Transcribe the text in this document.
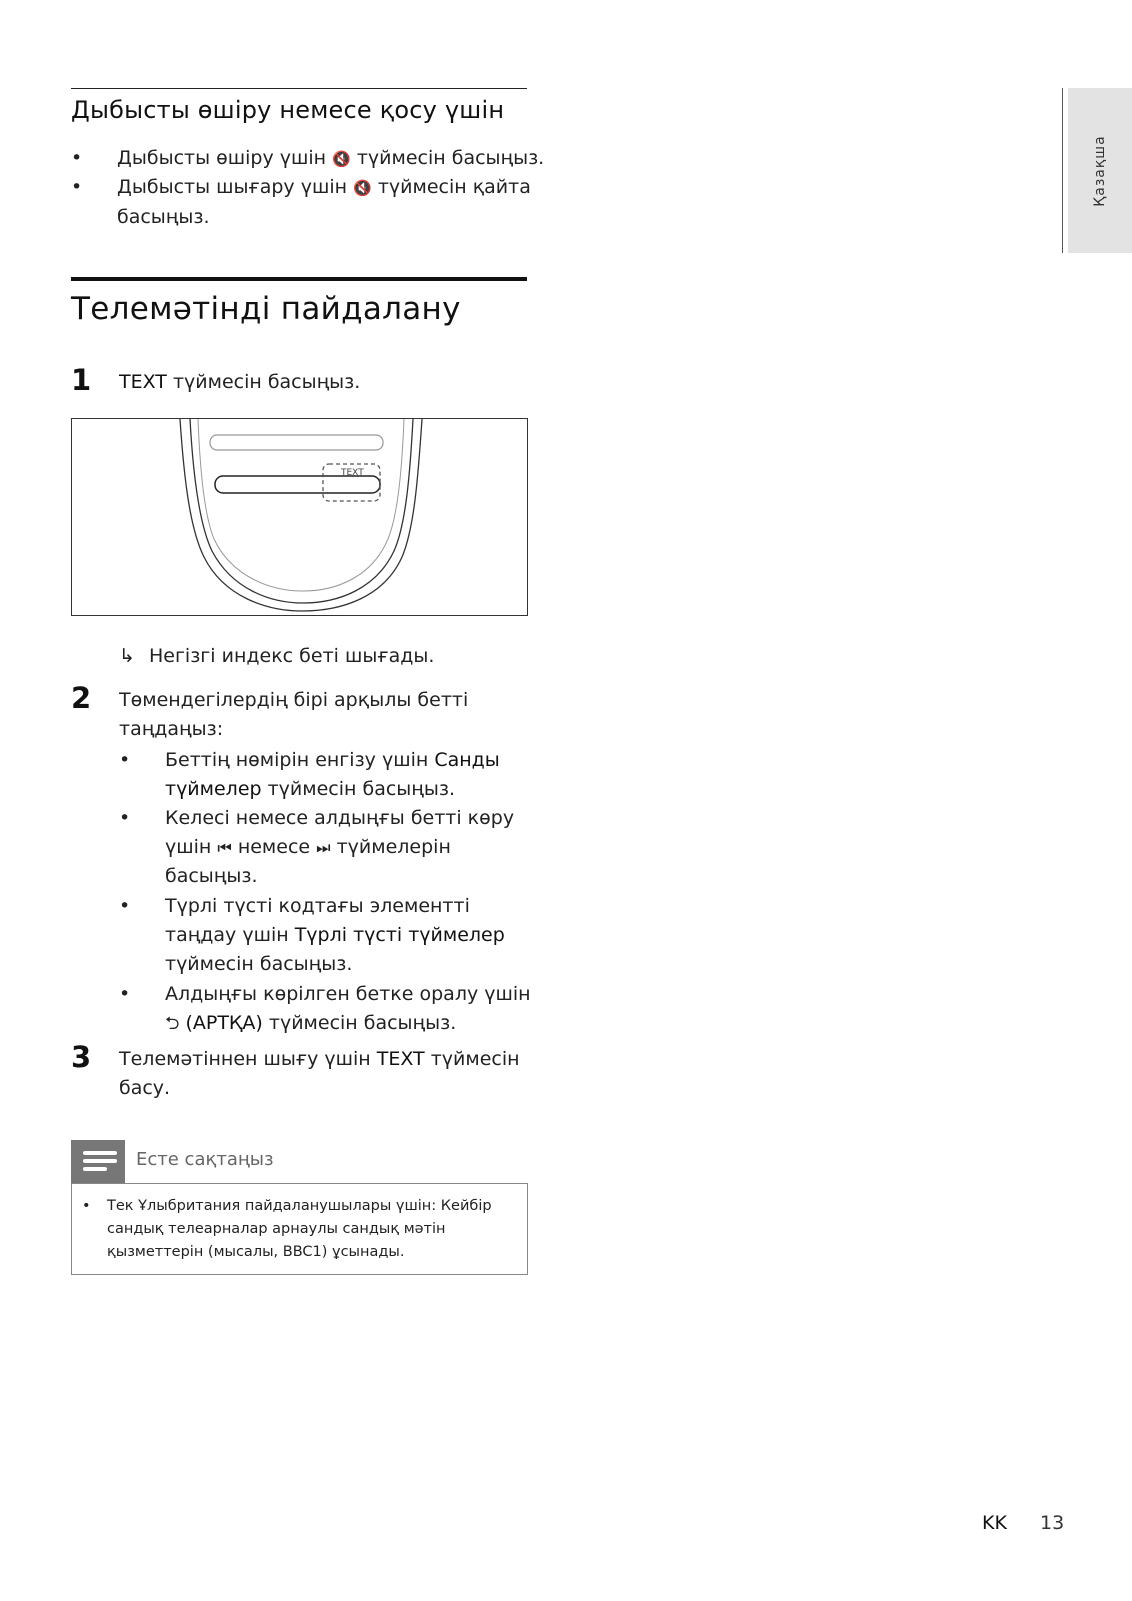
Қазақша
Дыбысты өшіру немесе қосу үшін
• Дыбысты өшіру үшін 🔇 түймесін басыңыз.
• Дыбысты шығару үшін 🔇 түймесін қайта
басыңыз.
Телемәтінді пайдалану
1 TEXT түймесін басыңыз.
TEXT
↳ Негізгі индекс беті шығады.
2 Төмендегілердің бірі арқылы бетті
таңдаңыз:
• Беттің нөмірін енгізу үшін Санды
түймелер түймесін басыңыз.
• Келесі немесе алдыңғы бетті көру
үшін ⏮ немесе ⏭ түймелерін
басыңыз.
• Түрлі түсті кодтағы элементті
таңдау үшін Түрлі түсті түймелер
түймесін басыңыз.
• Алдыңғы көрілген бетке оралу үшін
⮌ (АРТҚА) түймесін басыңыз.
3 Телемәтіннен шығу үшін TEXT түймесін
басу.
Есте сақтаңыз
• Тек Ұлыбритания пайдаланушылары үшін: Кейбір
сандық телеарналар арнаулы сандық мәтін
қызметтерін (мысалы, BBC1) ұсынады.
KK 13
